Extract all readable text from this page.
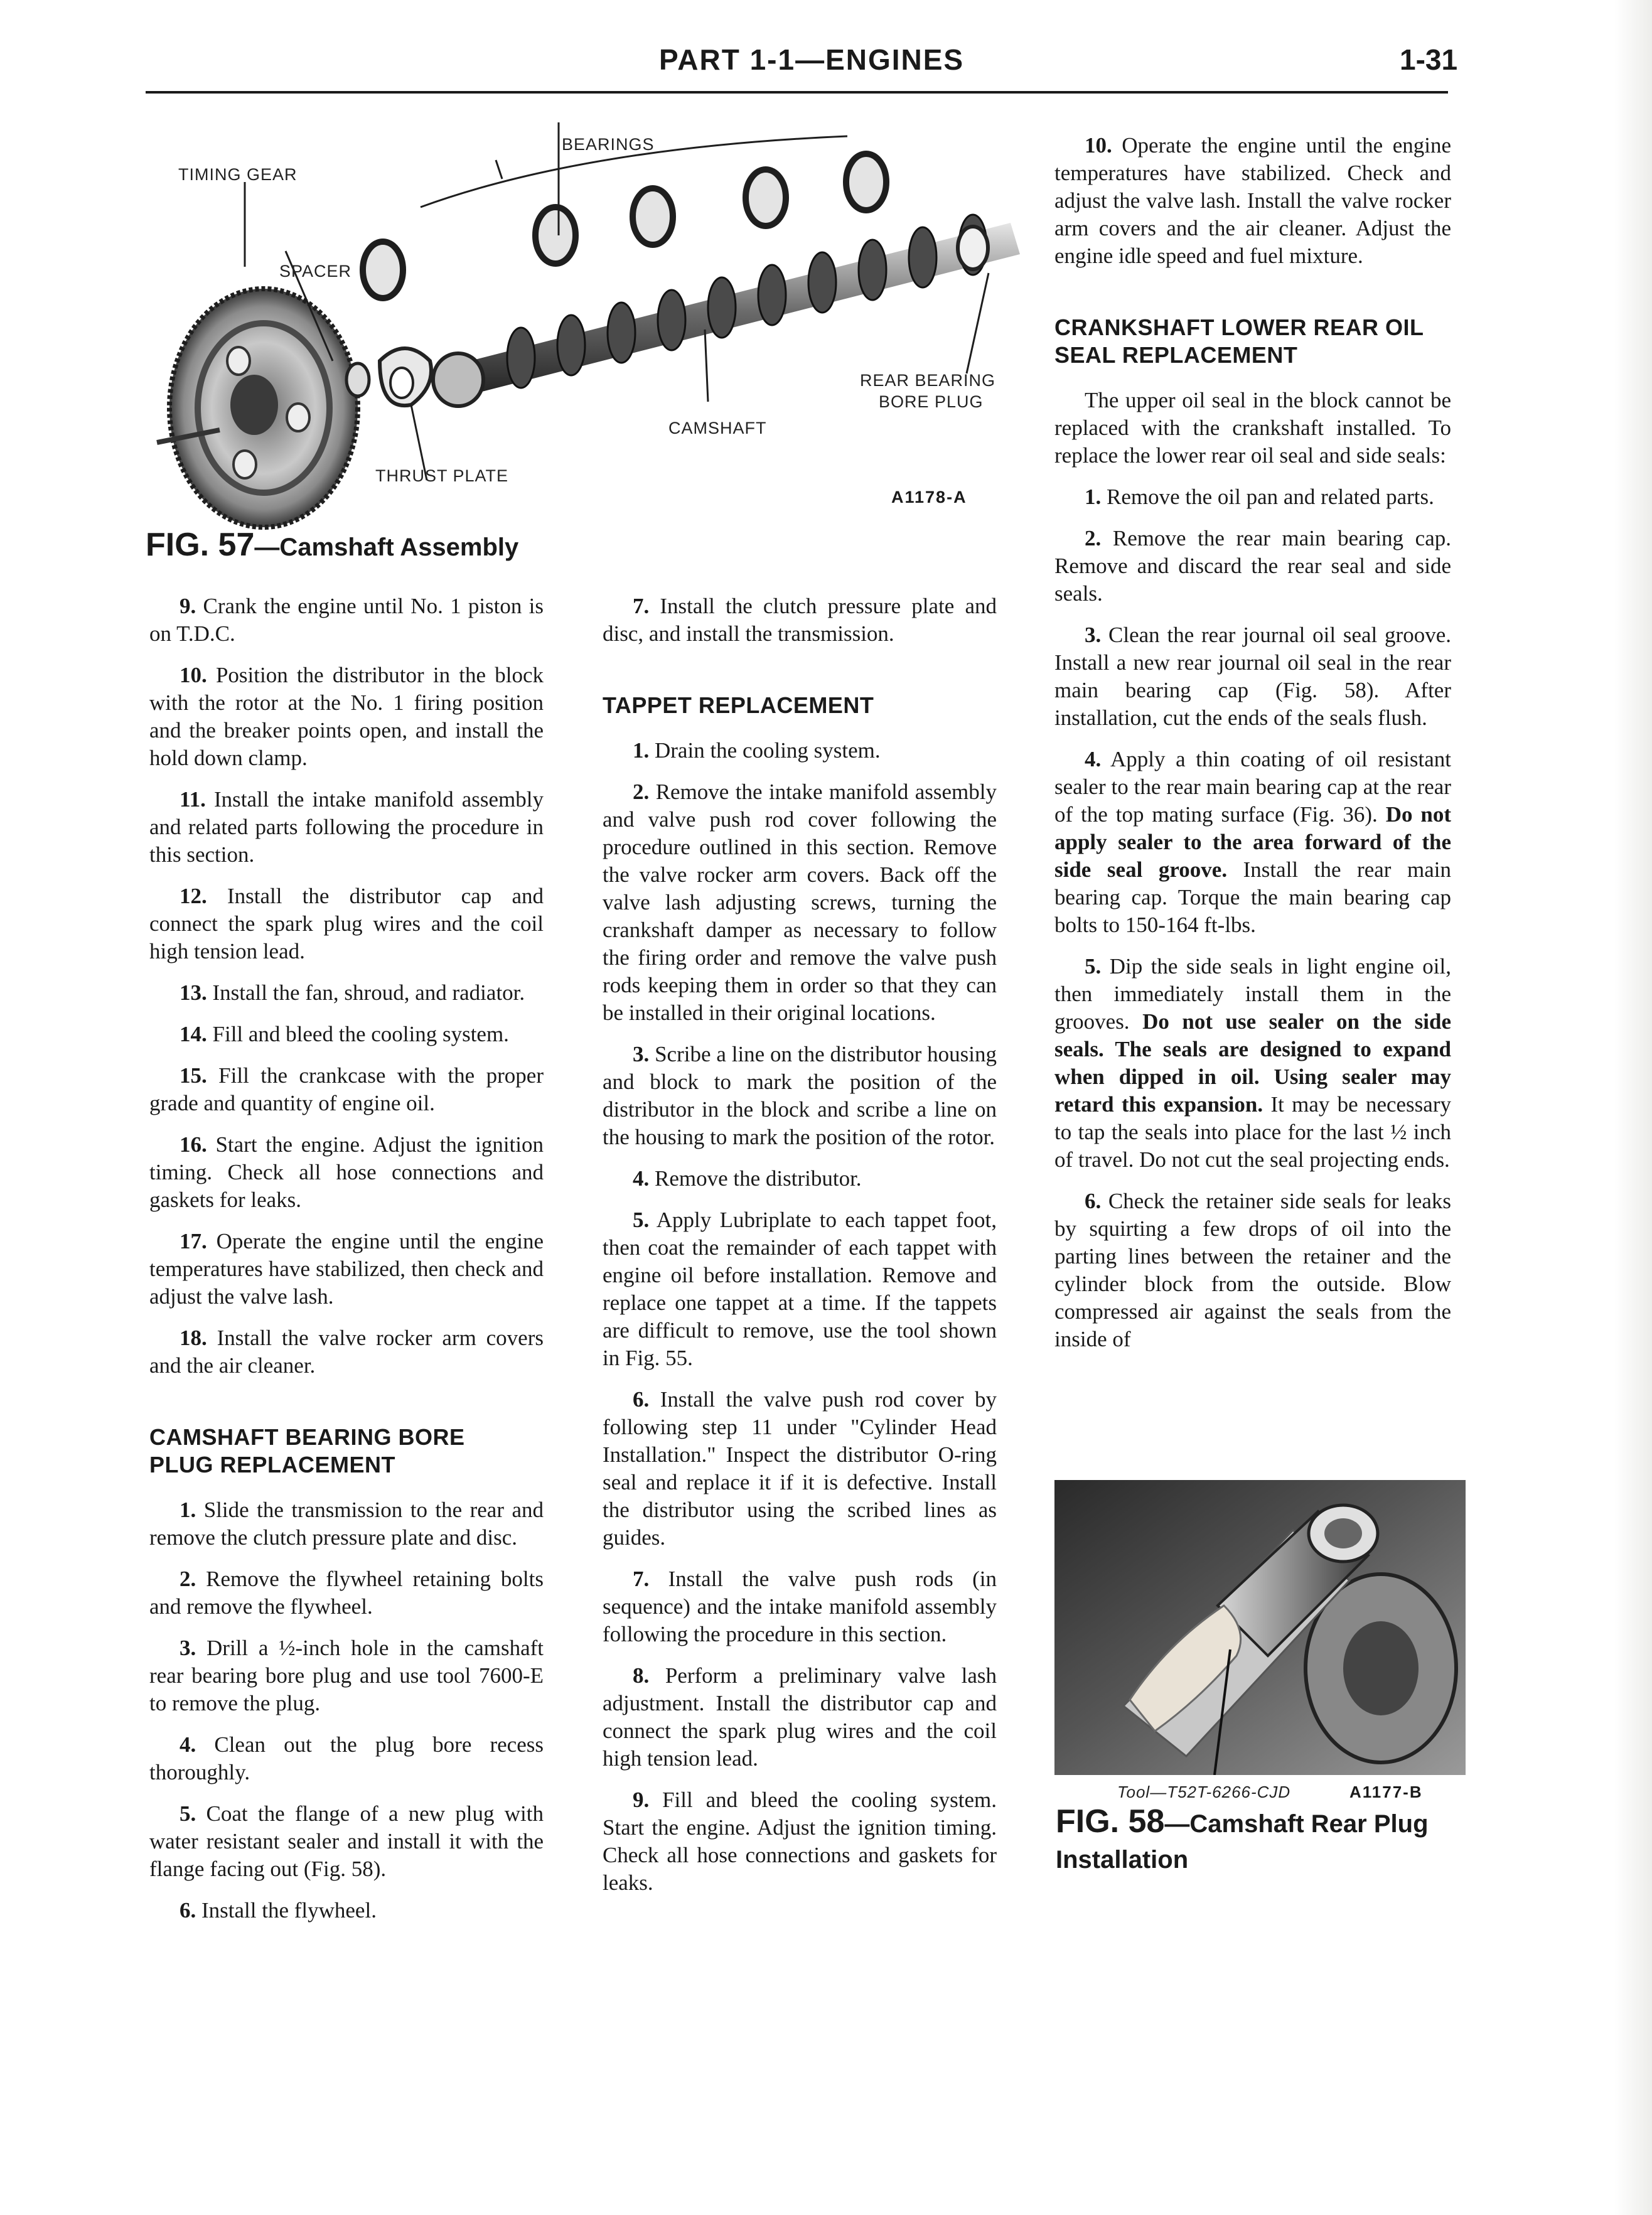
PART 1-1—ENGINES	1-31
TIMING GEAR
BEARINGS
SPACER
THRUST PLATE
CAMSHAFT
REAR BEARING
BORE PLUG
A1178-A
FIG. 57—Camshaft Assembly

9. Crank the engine until No. 1 piston is on T.D.C.

10. Position the distributor in the block with the rotor at the No. 1 firing position and the breaker points open, and install the hold down clamp.

11. Install the intake manifold assembly and related parts following the procedure in this section.

12. Install the distributor cap and connect the spark plug wires and the coil high tension lead.

13. Install the fan, shroud, and radiator.

14. Fill and bleed the cooling system.

15. Fill the crankcase with the proper grade and quantity of engine oil.

16. Start the engine. Adjust the ignition timing. Check all hose connections and gaskets for leaks.

17. Operate the engine until the engine temperatures have stabilized, then check and adjust the valve lash.

18. Install the valve rocker arm covers and the air cleaner.

CAMSHAFT BEARING BORE PLUG REPLACEMENT

1. Slide the transmission to the rear and remove the clutch pressure plate and disc.

2. Remove the flywheel retaining bolts and remove the flywheel.

3. Drill a ½-inch hole in the camshaft rear bearing bore plug and use tool 7600-E to remove the plug.

4. Clean out the plug bore recess thoroughly.

5. Coat the flange of a new plug with water resistant sealer and install it with the flange facing out (Fig. 58).

6. Install the flywheel.

7. Install the clutch pressure plate and disc, and install the transmission.

TAPPET REPLACEMENT

1. Drain the cooling system.

2. Remove the intake manifold assembly and valve push rod cover following the procedure outlined in this section. Remove the valve rocker arm covers. Back off the valve lash adjusting screws, turning the crankshaft damper as necessary to follow the firing order and remove the valve push rods keeping them in order so that they can be installed in their original locations.

3. Scribe a line on the distributor housing and block to mark the position of the distributor in the block and scribe a line on the housing to mark the position of the rotor.

4. Remove the distributor.

5. Apply Lubriplate to each tappet foot, then coat the remainder of each tappet with engine oil before installation. Remove and replace one tappet at a time. If the tappets are difficult to remove, use the tool shown in Fig. 55.

6. Install the valve push rod cover by following step 11 under "Cylinder Head Installation." Inspect the distributor O-ring seal and replace it if it is defective. Install the distributor using the scribed lines as guides.

7. Install the valve push rods (in sequence) and the intake manifold assembly following the procedure in this section.

8. Perform a preliminary valve lash adjustment. Install the distributor cap and connect the spark plug wires and the coil high tension lead.

9. Fill and bleed the cooling system. Start the engine. Adjust the ignition timing. Check all hose connections and gaskets for leaks.

10. Operate the engine until the engine temperatures have stabilized. Check and adjust the valve lash. Install the valve rocker arm covers and the air cleaner. Adjust the engine idle speed and fuel mixture.

CRANKSHAFT LOWER REAR OIL SEAL REPLACEMENT

The upper oil seal in the block cannot be replaced with the crankshaft installed. To replace the lower rear oil seal and side seals:

1. Remove the oil pan and related parts.

2. Remove the rear main bearing cap. Remove and discard the rear seal and side seals.

3. Clean the rear journal oil seal groove. Install a new rear journal oil seal in the rear main bearing cap (Fig. 58). After installation, cut the ends of the seals flush.

4. Apply a thin coating of oil resistant sealer to the rear main bearing cap at the rear of the top mating surface (Fig. 36). Do not apply sealer to the area forward of the side seal groove. Install the rear main bearing cap. Torque the main bearing cap bolts to 150-164 ft-lbs.

5. Dip the side seals in light engine oil, then immediately install them in the grooves. Do not use sealer on the side seals. The seals are designed to expand when dipped in oil. Using sealer may retard this expansion. It may be necessary to tap the seals into place for the last ½ inch of travel. Do not cut the seal projecting ends.

6. Check the retainer side seals for leaks by squirting a few drops of oil into the parting lines between the retainer and the cylinder block from the outside. Blow compressed air against the seals from the inside of

Tool—T52T-6266-CJD	A1177-B
FIG. 58—Camshaft Rear Plug
Installation
